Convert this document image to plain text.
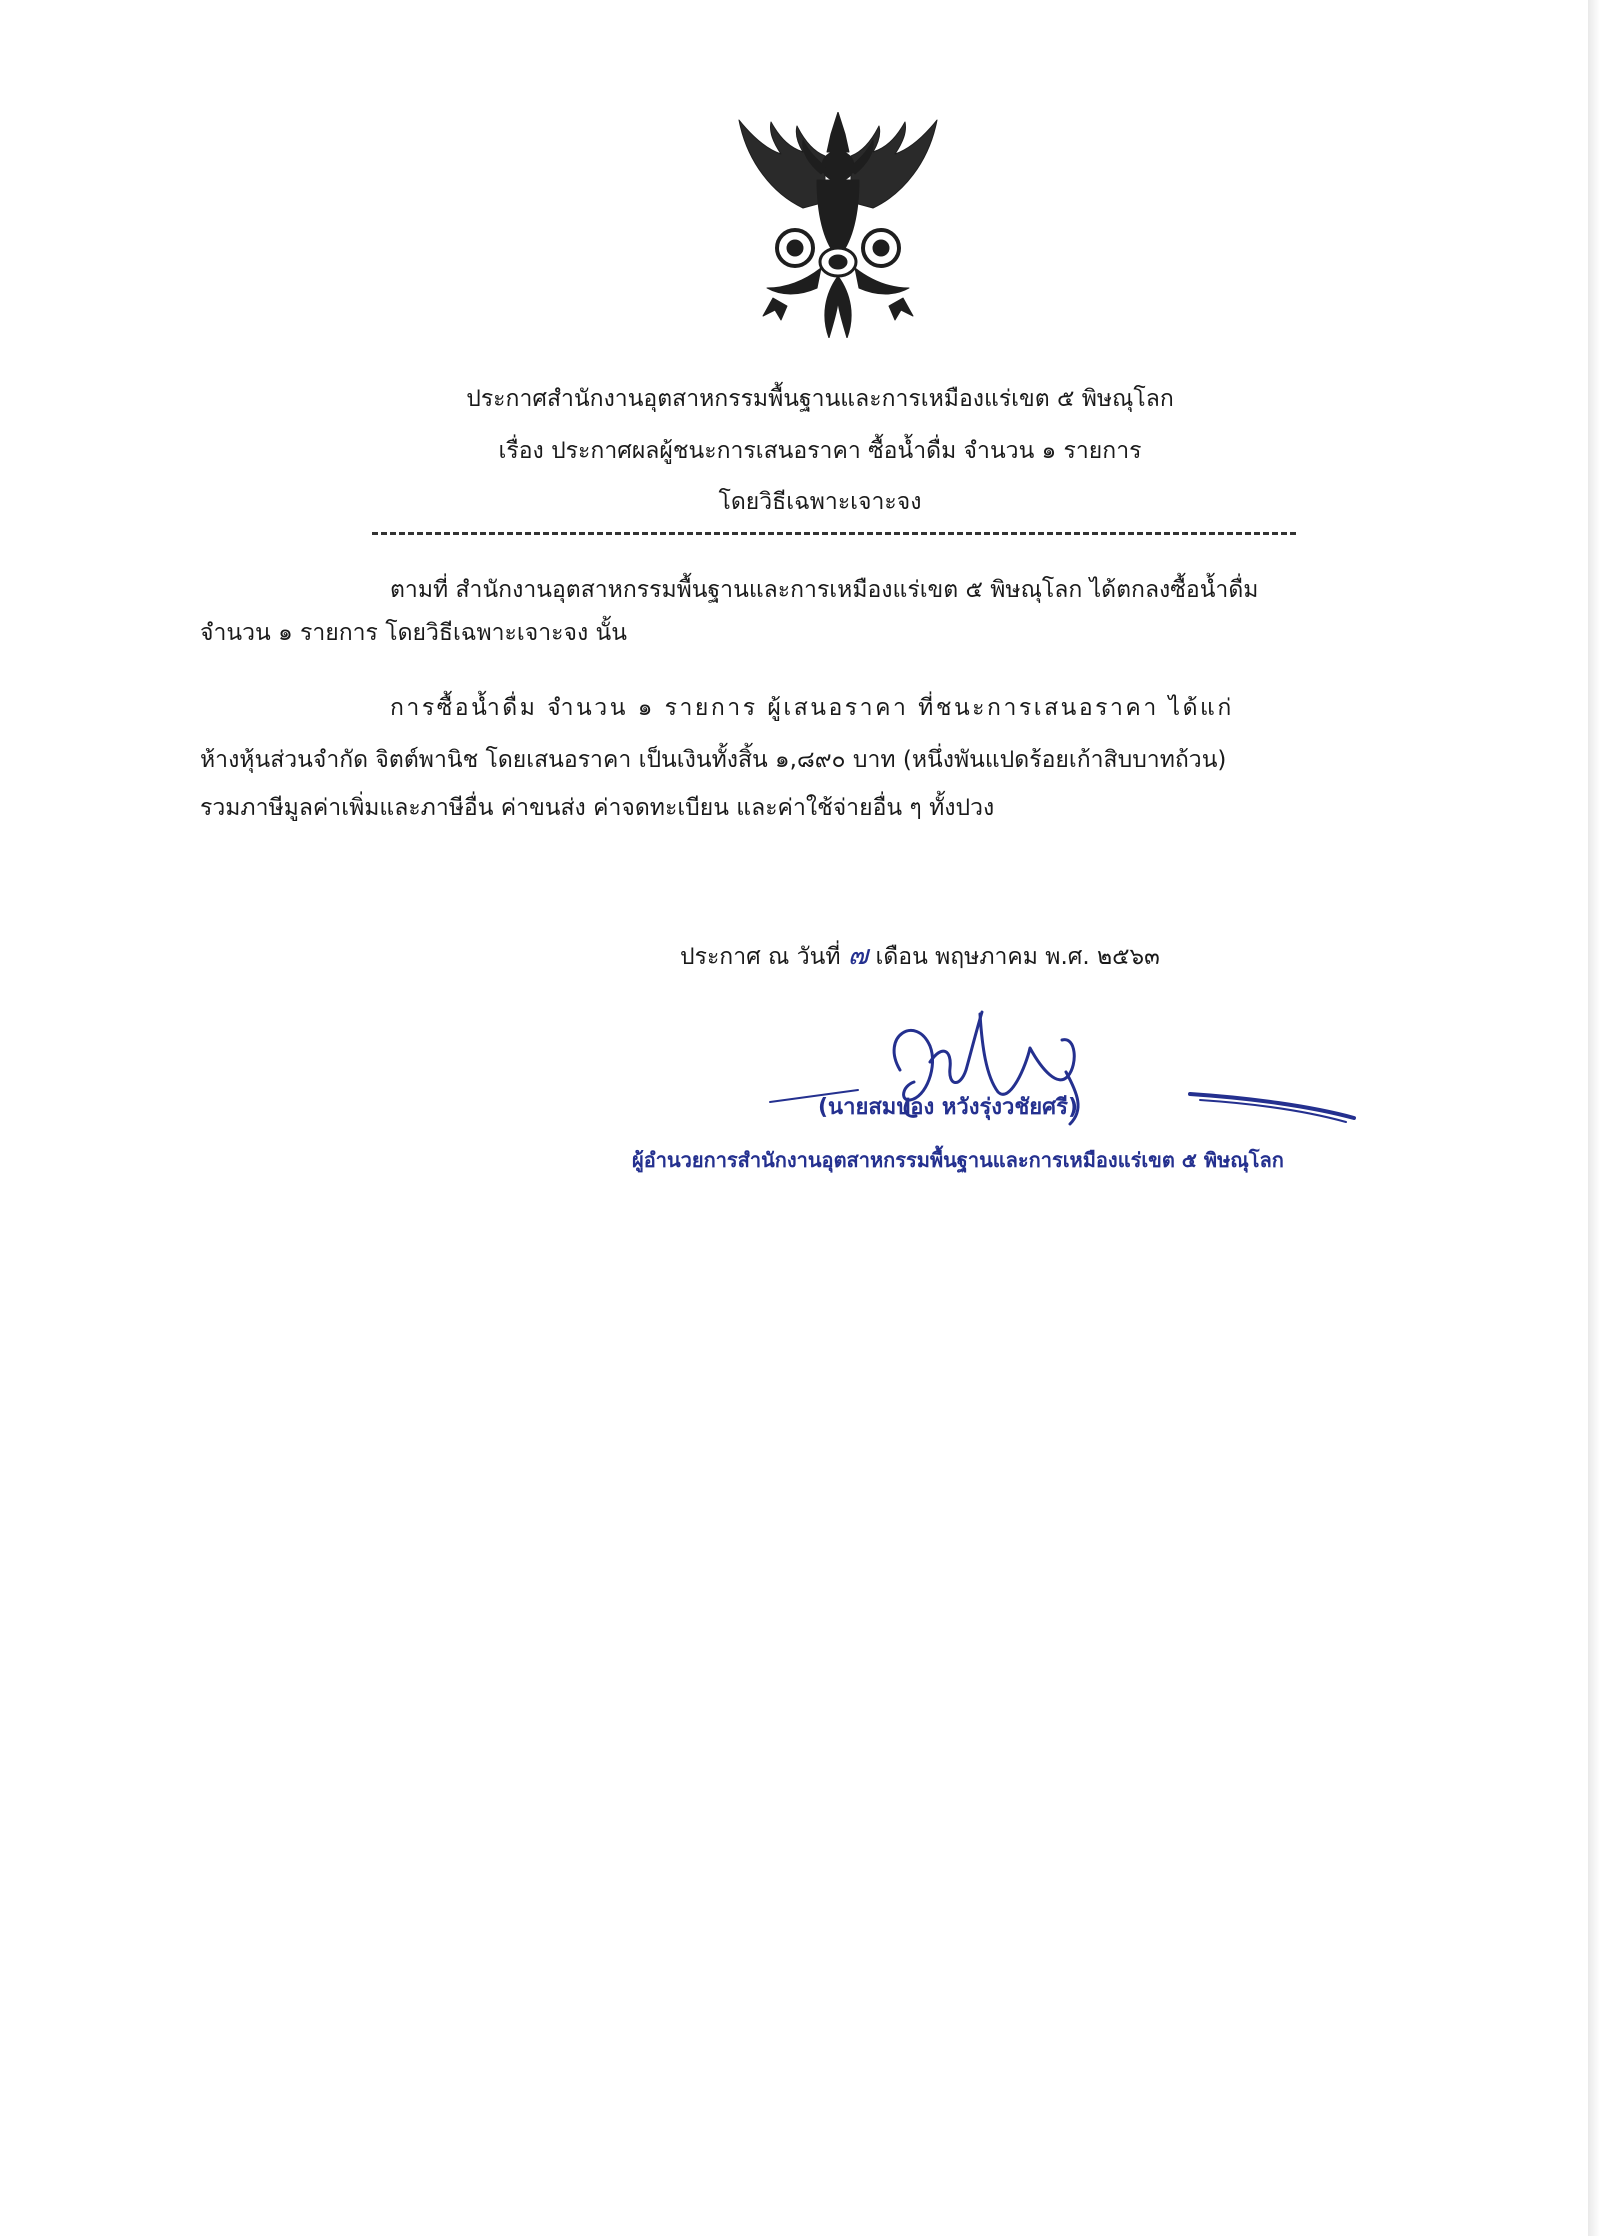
ประกาศสำนักงานอุตสาหกรรมพื้นฐานและการเหมืองแร่เขต ๕ พิษณุโลก
เรื่อง ประกาศผลผู้ชนะการเสนอราคา ซื้อน้ำดื่ม จำนวน ๑ รายการ
โดยวิธีเฉพาะเจาะจง
ตามที่ สำนักงานอุตสาหกรรมพื้นฐานและการเหมืองแร่เขต ๕ พิษณุโลก ได้ตกลงซื้อน้ำดื่ม
จำนวน ๑ รายการ โดยวิธีเฉพาะเจาะจง นั้น
การซื้อน้ำดื่ม จำนวน ๑ รายการ ผู้เสนอราคา ที่ชนะการเสนอราคา ได้แก่
ห้างหุ้นส่วนจำกัด จิตต์พานิช โดยเสนอราคา เป็นเงินทั้งสิ้น ๑,๘๙๐ บาท (หนึ่งพันแปดร้อยเก้าสิบบาทถ้วน)
รวมภาษีมูลค่าเพิ่มและภาษีอื่น ค่าขนส่ง ค่าจดทะเบียน และค่าใช้จ่ายอื่น ๆ ทั้งปวง
ประกาศ ณ วันที่ ๗ เดือน พฤษภาคม พ.ศ. ๒๕๖๓
(นายสมปอง หวังรุ่งวชัยศรี)
ผู้อำนวยการสำนักงานอุตสาหกรรมพื้นฐานและการเหมืองแร่เขต ๕ พิษณุโลก
